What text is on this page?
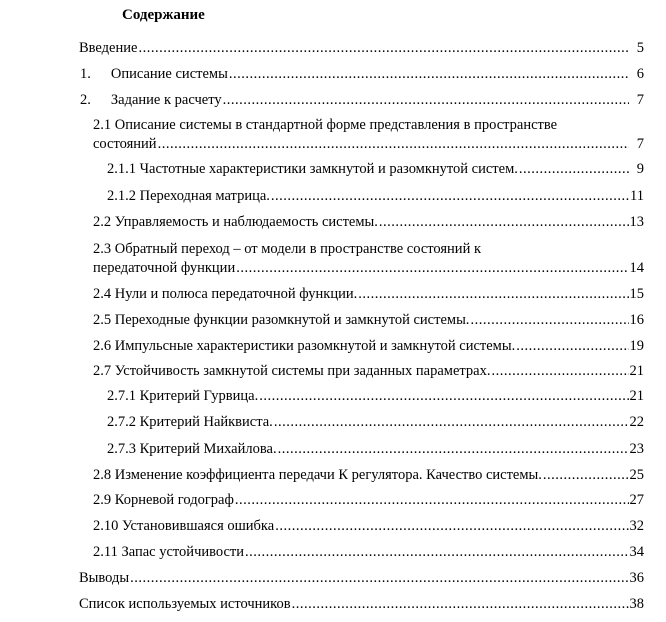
Содержание
Введение .....	5
1. Описание системы .....	6
2. Задание к расчету .....	7
2.1 Описание системы в стандартной форме представления в пространстве
состояний .....	7
2.1.1 Частотные характеристики замкнутой и разомкнутой систем. .....	9
2.1.2 Переходная матрица. .....	11
2.2 Управляемость и наблюдаемость системы. .....	13
2.3 Обратный переход – от модели в пространстве состояний к
передаточной функции .....	14
2.4 Нули и полюса передаточной функции. .....	15
2.5 Переходные функции разомкнутой и замкнутой системы. .....	16
2.6 Импульсные характеристики разомкнутой и замкнутой системы. .....	19
2.7 Устойчивость замкнутой системы при заданных параметрах. .....	21
2.7.1 Критерий Гурвица. .....	21
2.7.2 Критерий Найквиста. .....	22
2.7.3 Критерий Михайлова. .....	23
2.8 Изменение коэффициента передачи К регулятора. Качество системы. .....	25
2.9 Корневой годограф .....	27
2.10 Установившаяся ошибка .....	32
2.11 Запас устойчивости .....	34
Выводы .....	36
Список используемых источников .....	38
